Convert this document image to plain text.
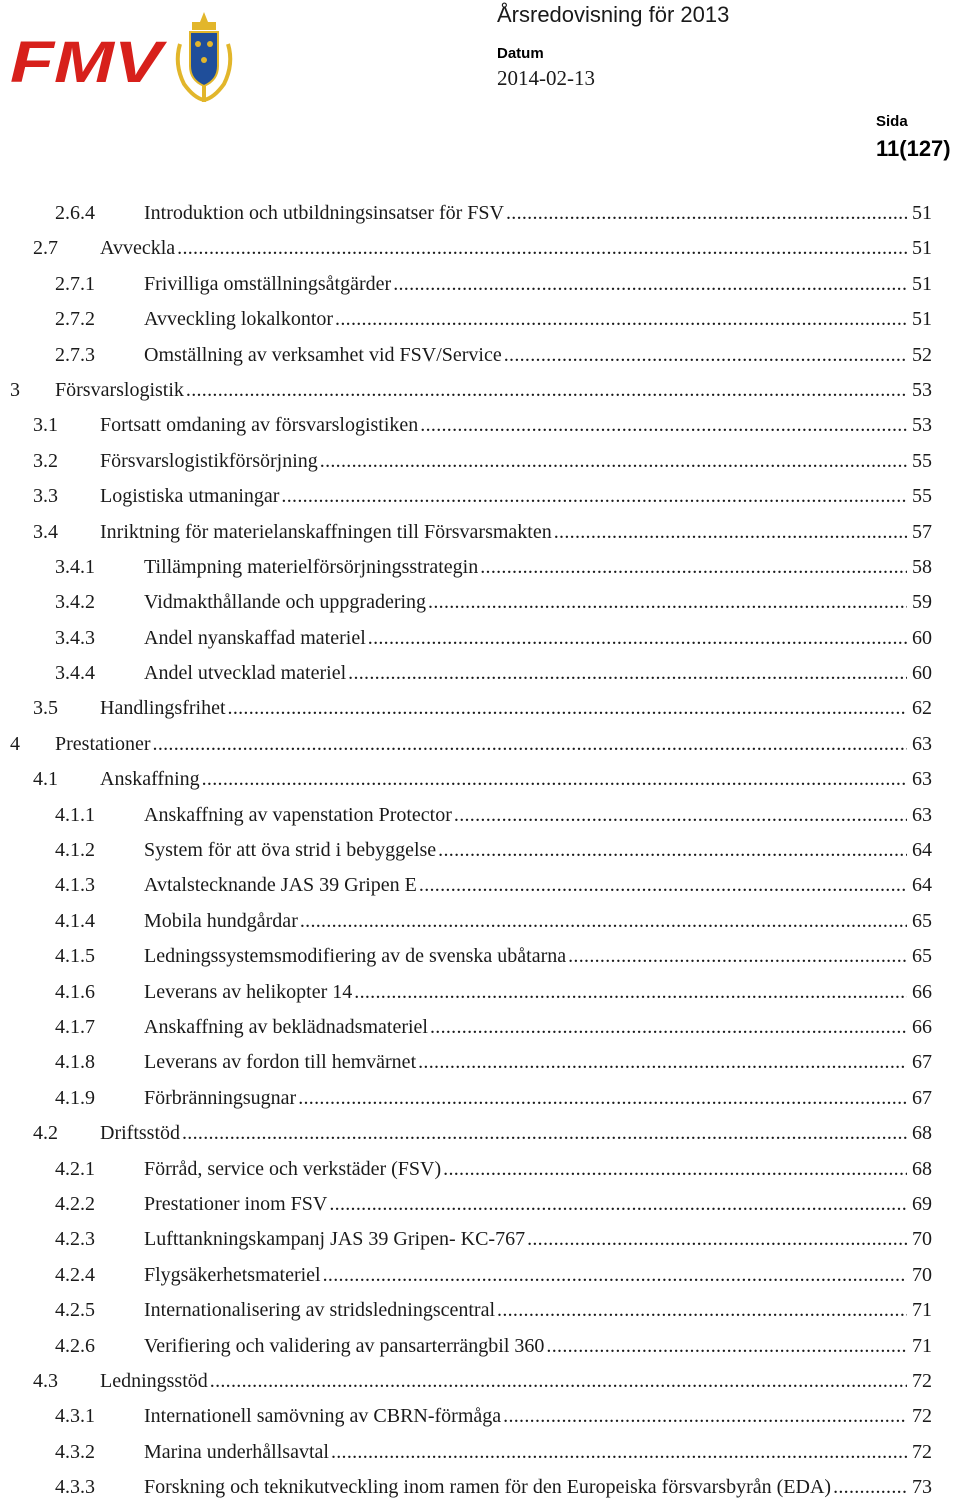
FMV
Årsredovisning för 2013
Datum
2014-02-13
Sida
11(127)
2.6.4 Introduktion och utbildningsinsatser för FSV .....	51
2.7 Avveckla .....	51
2.7.1 Frivilliga omställningsåtgärder .....	51
2.7.2 Avveckling lokalkontor .....	51
2.7.3 Omställning av verksamhet vid FSV/Service .....	52
3 Försvarslogistik .....	53
3.1 Fortsatt omdaning av försvarslogistiken .....	53
3.2 Försvarslogistikförsörjning .....	55
3.3 Logistiska utmaningar .....	55
3.4 Inriktning för materielanskaffningen till Försvarsmakten .....	57
3.4.1 Tillämpning materielförsörjningsstrategin .....	58
3.4.2 Vidmakthållande och uppgradering .....	59
3.4.3 Andel nyanskaffad materiel .....	60
3.4.4 Andel utvecklad materiel .....	60
3.5 Handlingsfrihet .....	62
4 Prestationer .....	63
4.1 Anskaffning .....	63
4.1.1 Anskaffning av vapenstation Protector .....	63
4.1.2 System för att öva strid i bebyggelse .....	64
4.1.3 Avtalstecknande JAS 39 Gripen E .....	64
4.1.4 Mobila hundgårdar .....	65
4.1.5 Ledningssystemsmodifiering av de svenska ubåtarna .....	65
4.1.6 Leverans av helikopter 14 .....	66
4.1.7 Anskaffning av beklädnadsmateriel .....	66
4.1.8 Leverans av fordon till hemvärnet .....	67
4.1.9 Förbränningsugnar .....	67
4.2 Driftsstöd .....	68
4.2.1 Förråd, service och verkstäder (FSV) .....	68
4.2.2 Prestationer inom FSV .....	69
4.2.3 Lufttankningskampanj JAS 39 Gripen- KC-767 .....	70
4.2.4 Flygsäkerhetsmateriel .....	70
4.2.5 Internationalisering av stridsledningscentral .....	71
4.2.6 Verifiering och validering av pansarterrängbil 360 .....	71
4.3 Ledningsstöd .....	72
4.3.1 Internationell samövning av CBRN-förmåga .....	72
4.3.2 Marina underhållsavtal .....	72
4.3.3 Forskning och teknikutveckling inom ramen för den Europeiska försvarsbyrån (EDA) .....	73
